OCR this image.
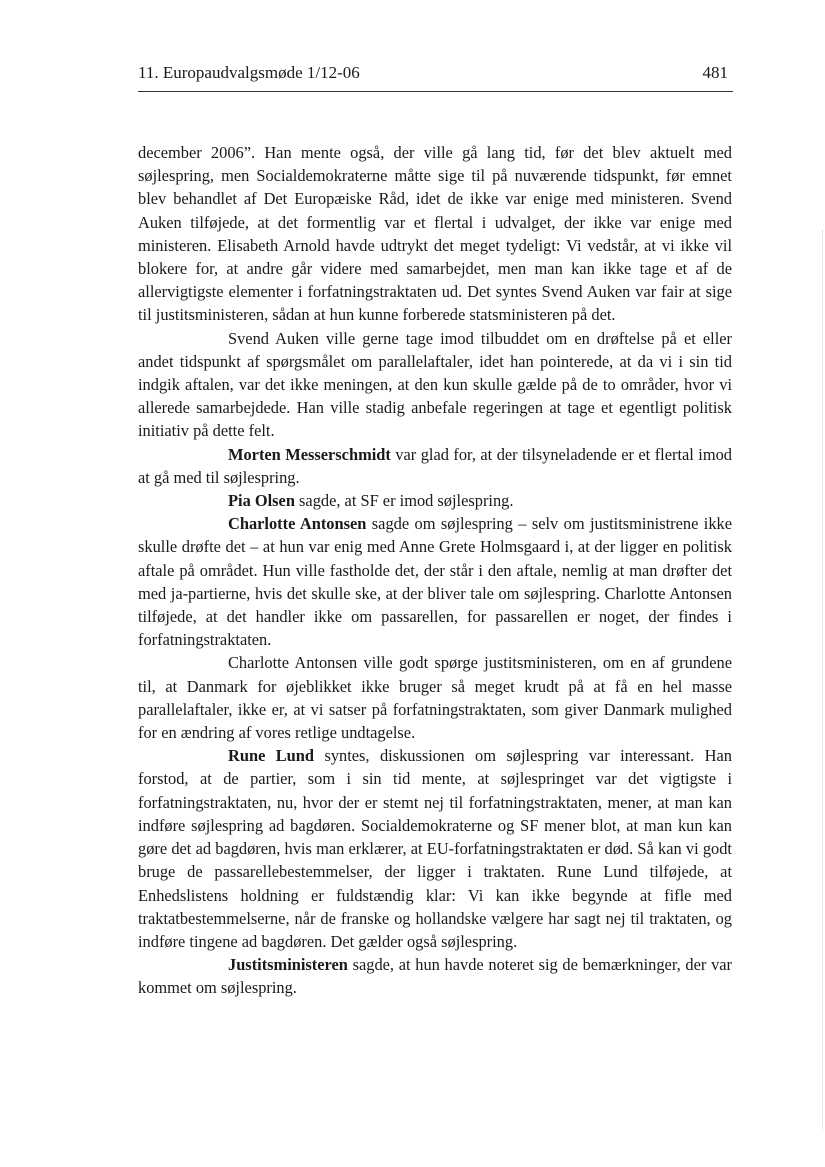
11. Europaudvalgsmøde 1/12-06	481

december 2006”. Han mente også, der ville gå lang tid, før det blev aktuelt med søjlespring, men Socialdemokraterne måtte sige til på nuværende tidspunkt, før emnet blev behandlet af Det Europæiske Råd, idet de ikke var enige med ministeren. Svend Auken tilføjede, at det formentlig var et flertal i udvalget, der ikke var enige med ministeren. Elisabeth Arnold havde udtrykt det meget tydeligt: Vi vedstår, at vi ikke vil blokere for, at andre går videre med samarbejdet, men man kan ikke tage et af de allervigtigste elementer i forfatningstraktaten ud. Det syntes Svend Auken var fair at sige til justitsministeren, sådan at hun kunne forberede statsministeren på det.

Svend Auken ville gerne tage imod tilbuddet om en drøftelse på et eller andet tidspunkt af spørgsmålet om parallelaftaler, idet han pointerede, at da vi i sin tid indgik aftalen, var det ikke meningen, at den kun skulle gælde på de to områder, hvor vi allerede samarbejdede. Han ville stadig anbefale regeringen at tage et egentligt politisk initiativ på dette felt.

Morten Messerschmidt var glad for, at der tilsyneladende er et flertal imod at gå med til søjlespring.

Pia Olsen sagde, at SF er imod søjlespring.

Charlotte Antonsen sagde om søjlespring – selv om justitsministrene ikke skulle drøfte det – at hun var enig med Anne Grete Holmsgaard i, at der ligger en politisk aftale på området. Hun ville fastholde det, der står i den aftale, nemlig at man drøfter det med ja-partierne, hvis det skulle ske, at der bliver tale om søjlespring. Charlotte Antonsen tilføjede, at det handler ikke om passarellen, for passarellen er noget, der findes i forfatningstraktaten.

Charlotte Antonsen ville godt spørge justitsministeren, om en af grundene til, at Danmark for øjeblikket ikke bruger så meget krudt på at få en hel masse parallelaftaler, ikke er, at vi satser på forfatningstraktaten, som giver Danmark mulighed for en ændring af vores retlige undtagelse.

Rune Lund syntes, diskussionen om søjlespring var interessant. Han forstod, at de partier, som i sin tid mente, at søjlespringet var det vigtigste i forfatningstraktaten, nu, hvor der er stemt nej til forfatningstraktaten, mener, at man kan indføre søjlespring ad bagdøren. Socialdemokraterne og SF mener blot, at man kun kan gøre det ad bagdøren, hvis man erklærer, at EU-forfatningstraktaten er død. Så kan vi godt bruge de passarellebestemmelser, der ligger i traktaten. Rune Lund tilføjede, at Enhedslistens holdning er fuldstændig klar: Vi kan ikke begynde at fifle med traktatbestemmelserne, når de franske og hollandske vælgere har sagt nej til traktaten, og indføre tingene ad bagdøren. Det gælder også søjlespring.

Justitsministeren sagde, at hun havde noteret sig de bemærkninger, der var kommet om søjlespring.
